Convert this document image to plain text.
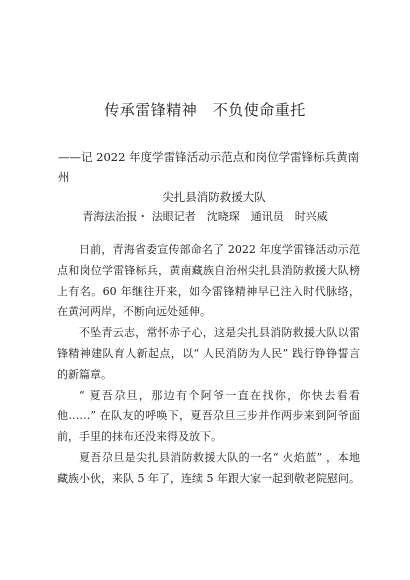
传承雷锋精神　不负使命重托
——记 2022 年度学雷锋活动示范点和岗位学雷锋标兵黄南州
尖扎县消防救援大队
青海法治报・ 法眼记者　沈晓琛　通讯员　时兴威

日前，青海省委宣传部命名了 2022 年度学雷锋活动示范点和岗位学雷锋标兵，黄南藏族自治州尖扎县消防救援大队榜上有名。60 年继往开来，如今雷锋精神早已注入时代脉络，在黄河两岸，不断向远处延伸。

不坠青云志，常怀赤子心，这是尖扎县消防救援大队以雷锋精神建队育人新起点，以“ 人民消防为人民” 践行铮铮誓言的新篇章。

“ 夏吾尕旦，那边有个阿爷一直在找你，你快去看看他……” 在队友的呼唤下，夏吾尕旦三步并作两步来到阿爷面前，手里的抹布还没来得及放下。

夏吾尕旦是尖扎县消防救援大队的一名“ 火焰蓝” ，本地藏族小伙，来队 5 年了，连续 5 年跟大家一起到敬老院慰问。
